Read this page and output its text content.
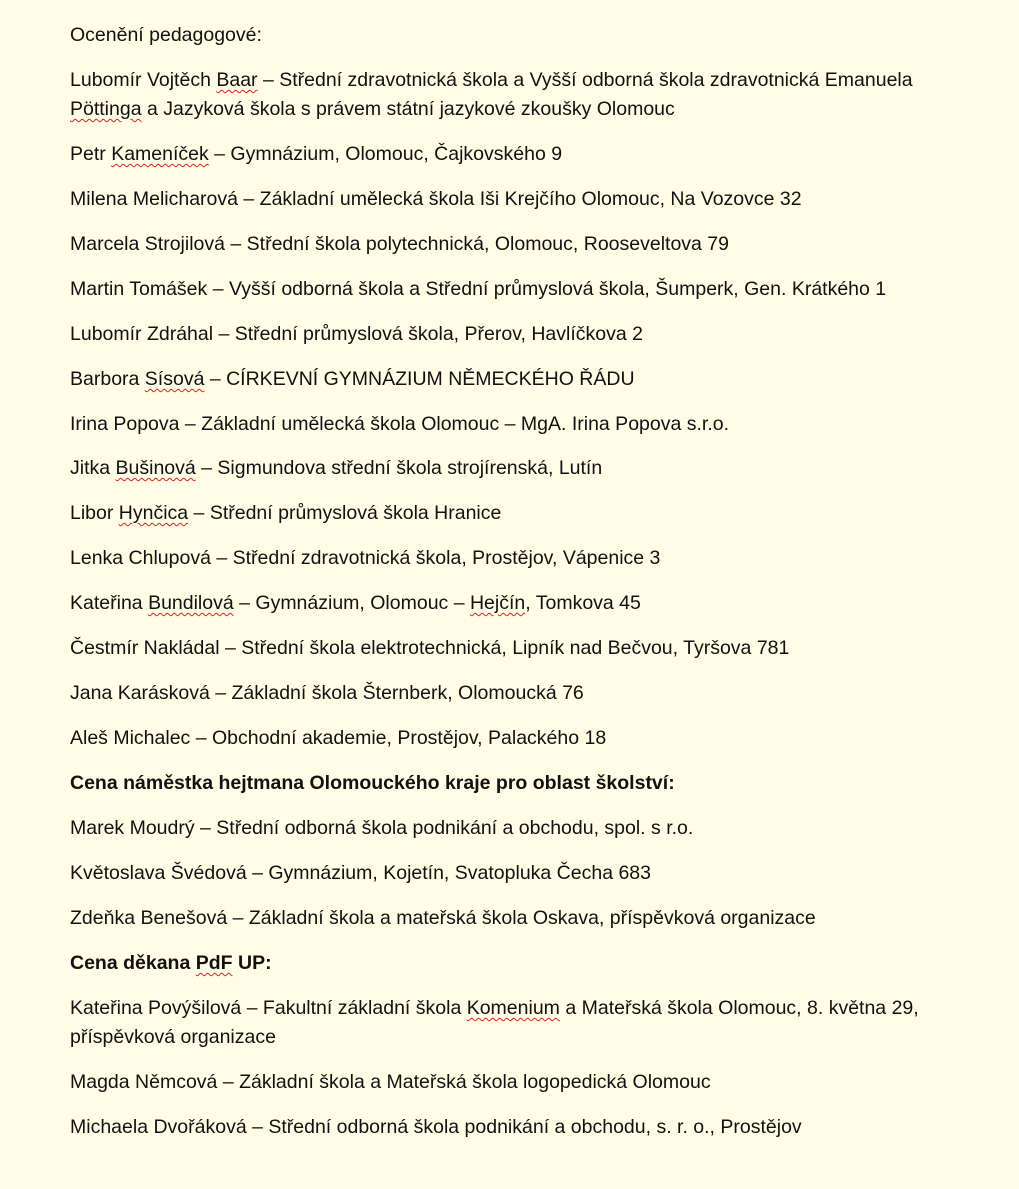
Ocenění pedagogové:
Lubomír Vojtěch Baar – Střední zdravotnická škola a Vyšší odborná škola zdravotnická Emanuela
Pöttinga a Jazyková škola s právem státní jazykové zkoušky Olomouc
Petr Kameníček – Gymnázium, Olomouc, Čajkovského 9
Milena Melicharová – Základní umělecká škola Iši Krejčího Olomouc, Na Vozovce 32
Marcela Strojilová – Střední škola polytechnická, Olomouc, Rooseveltova 79
Martin Tomášek – Vyšší odborná škola a Střední průmyslová škola, Šumperk, Gen. Krátkého 1
Lubomír Zdráhal – Střední průmyslová škola, Přerov, Havlíčkova 2
Barbora Sísová – CÍRKEVNÍ GYMNÁZIUM NĚMECKÉHO ŘÁDU
Irina Popova – Základní umělecká škola Olomouc – MgA. Irina Popova s.r.o.
Jitka Bušinová – Sigmundova střední škola strojírenská, Lutín
Libor Hynčica – Střední průmyslová škola Hranice
Lenka Chlupová – Střední zdravotnická škola, Prostějov, Vápenice 3
Kateřina Bundilová – Gymnázium, Olomouc – Hejčín, Tomkova 45
Čestmír Nakládal – Střední škola elektrotechnická, Lipník nad Bečvou, Tyršova 781
Jana Karásková – Základní škola Šternberk, Olomoucká 76
Aleš Michalec – Obchodní akademie, Prostějov, Palackého 18
Cena náměstka hejtmana Olomouckého kraje pro oblast školství:
Marek Moudrý – Střední odborná škola podnikání a obchodu, spol. s r.o.
Květoslava Švédová – Gymnázium, Kojetín, Svatopluka Čecha 683
Zdeňka Benešová – Základní škola a mateřská škola Oskava, příspěvková organizace
Cena děkana PdF UP:
Kateřina Povýšilová – Fakultní základní škola Komenium a Mateřská škola Olomouc, 8. května 29,
příspěvková organizace
Magda Němcová – Základní škola a Mateřská škola logopedická Olomouc
Michaela Dvořáková – Střední odborná škola podnikání a obchodu, s. r. o., Prostějov
